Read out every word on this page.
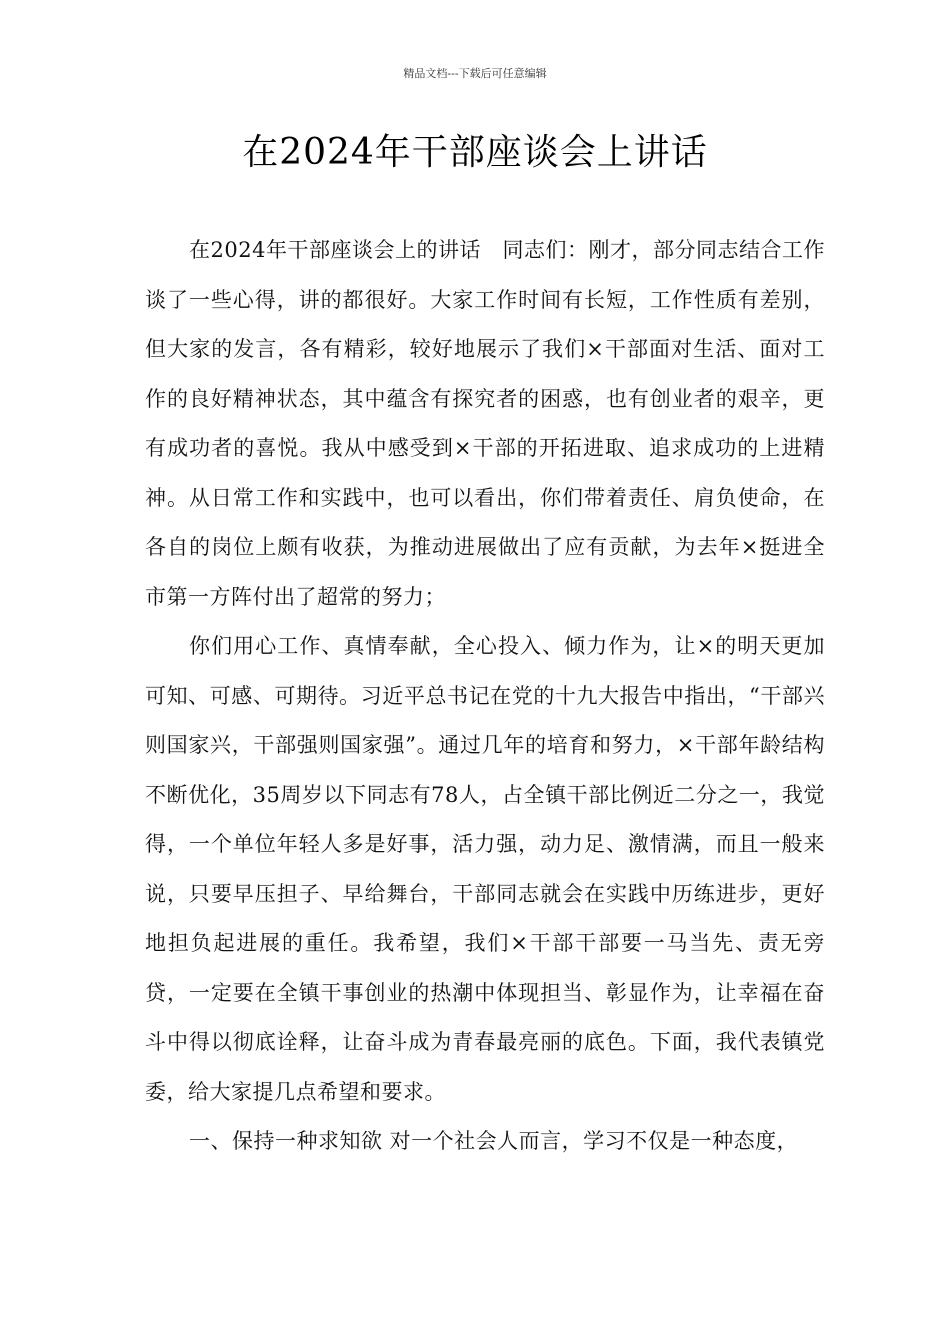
精品文档---下载后可任意编辑
在2024年干部座谈会上讲话

在2024年干部座谈会上的讲话　同志们：刚才，部分同志结合工作谈了一些心得，讲的都很好。大家工作时间有长短，工作性质有差别，但大家的发言，各有精彩，较好地展示了我们×干部面对生活、面对工作的良好精神状态，其中蕴含有探究者的困惑，也有创业者的艰辛，更有成功者的喜悦。我从中感受到×干部的开拓进取、追求成功的上进精神。从日常工作和实践中，也可以看出，你们带着责任、肩负使命，在各自的岗位上颇有收获，为推动进展做出了应有贡献，为去年×挺进全市第一方阵付出了超常的努力；

你们用心工作、真情奉献，全心投入、倾力作为，让×的明天更加可知、可感、可期待。习近平总书记在党的十九大报告中指出，“干部兴则国家兴，干部强则国家强”。通过几年的培育和努力，×干部年龄结构不断优化，35周岁以下同志有78人，占全镇干部比例近二分之一，我觉得，一个单位年轻人多是好事，活力强，动力足、激情满，而且一般来说，只要早压担子、早给舞台，干部同志就会在实践中历练进步，更好地担负起进展的重任。我希望，我们×干部干部要一马当先、责无旁贷，一定要在全镇干事创业的热潮中体现担当、彰显作为，让幸福在奋斗中得以彻底诠释，让奋斗成为青春最亮丽的底色。下面，我代表镇党委，给大家提几点希望和要求。

一、保持一种求知欲 对一个社会人而言，学习不仅是一种态度，
